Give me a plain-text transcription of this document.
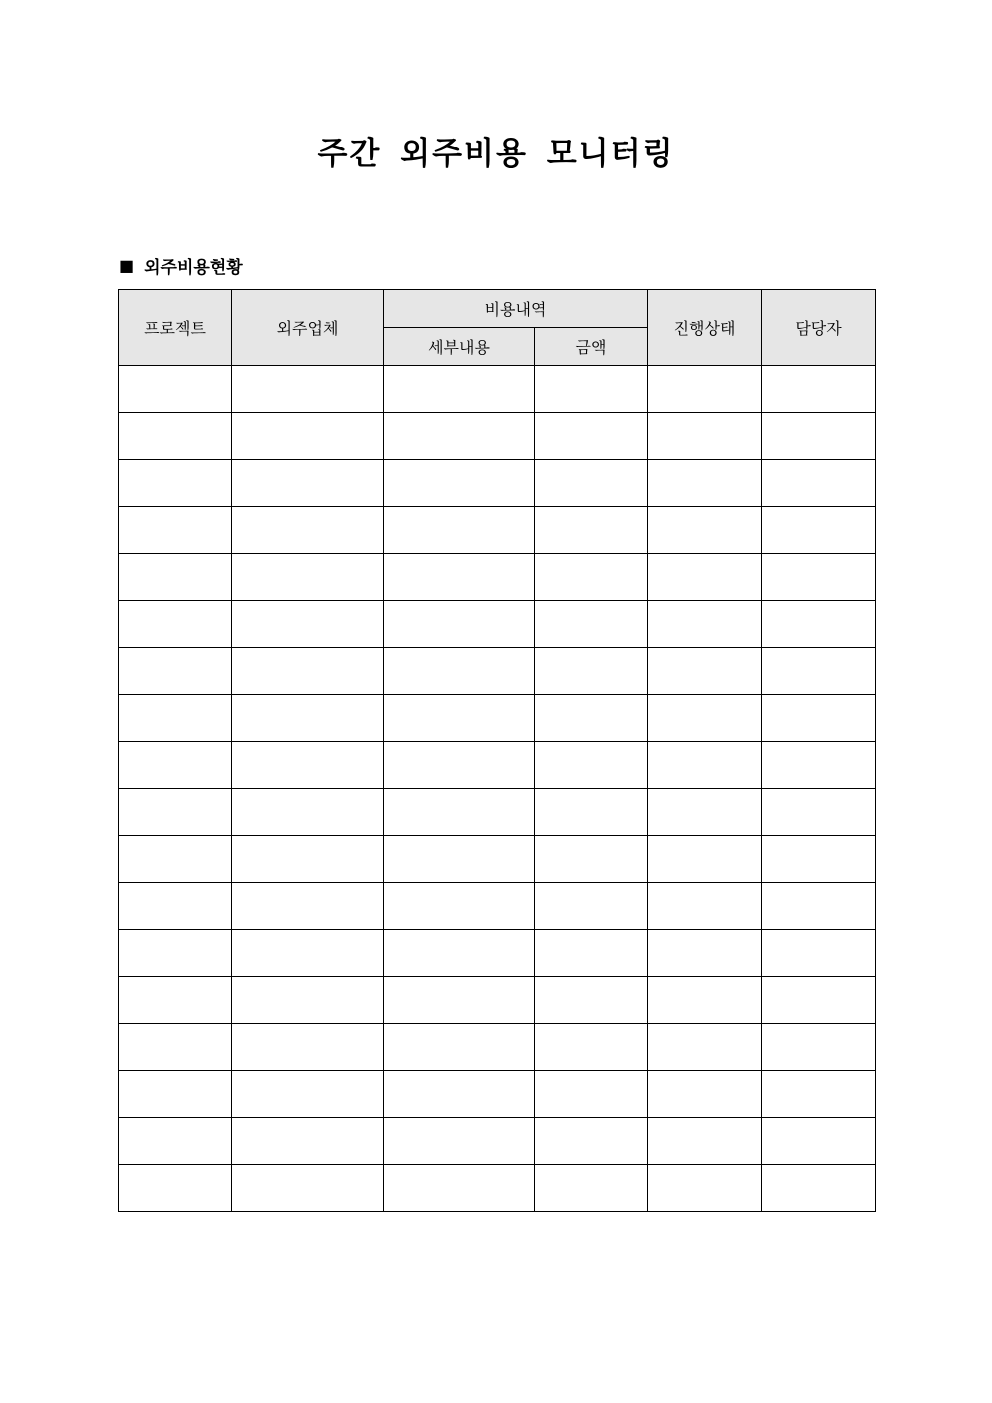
주간 외주비용 모니터링
■ 외주비용현황
프로젝트	외주업체	비용내역		진행상태	담당자
		세부내용	금액		
